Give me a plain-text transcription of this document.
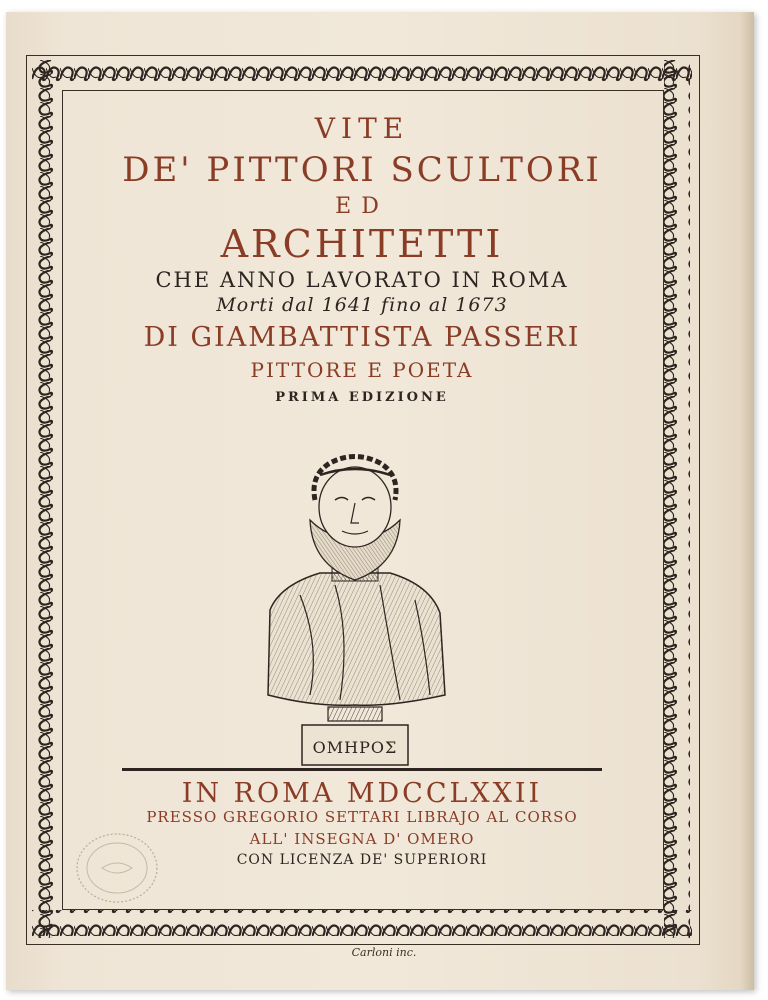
VITE
DE' PITTORI SCULTORI
ED
ARCHITETTI
CHE ANNO LAVORATO IN ROMA
Morti dal 1641 fino al 1673
DI GIAMBATTISTA PASSERI
PITTORE E POETA
PRIMA EDIZIONE
ΟΜΗΡΟΣ
IN ROMA MDCCLXXII
PRESSO GREGORIO SETTARI LIBRAJO AL CORSO
ALL' INSEGNA D' OMERO
CON LICENZA DE' SUPERIORI
Carloni inc.
